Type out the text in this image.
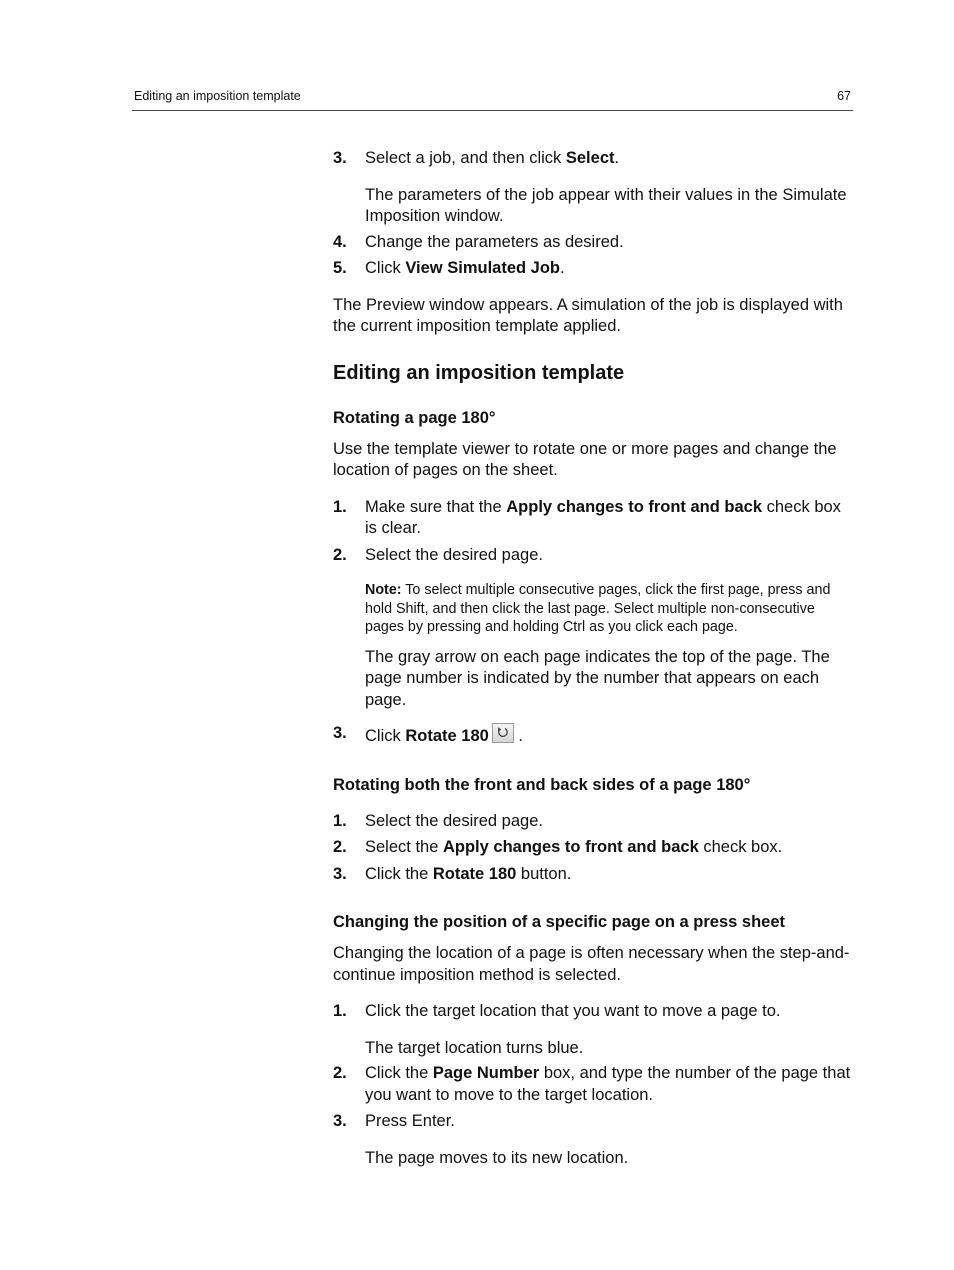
Editing an imposition template	67
3. Select a job, and then click Select.

The parameters of the job appear with their values in the Simulate Imposition window.

4. Change the parameters as desired.
5. Click View Simulated Job.

The Preview window appears. A simulation of the job is displayed with the current imposition template applied.

Editing an imposition template
Rotating a page 180°

Use the template viewer to rotate one or more pages and change the location of pages on the sheet.

1. Make sure that the Apply changes to front and back check box is clear.
2. Select the desired page.

Note: To select multiple consecutive pages, click the first page, press and hold Shift, and then click the last page. Select multiple non-consecutive pages by pressing and holding Ctrl as you click each page.

The gray arrow on each page indicates the top of the page. The page number is indicated by the number that appears on each page.

3. Click Rotate 180
.
Rotating both the front and back sides of a page 180°
1. Select the desired page.
2. Select the Apply changes to front and back check box.
3. Click the Rotate 180 button.
Changing the position of a specific page on a press sheet

Changing the location of a page is often necessary when the step-and-continue imposition method is selected.

1. Click the target location that you want to move a page to.

The target location turns blue.

2. Click the Page Number box, and type the number of the page that you want to move to the target location.
3. Press Enter.

The page moves to its new location.
